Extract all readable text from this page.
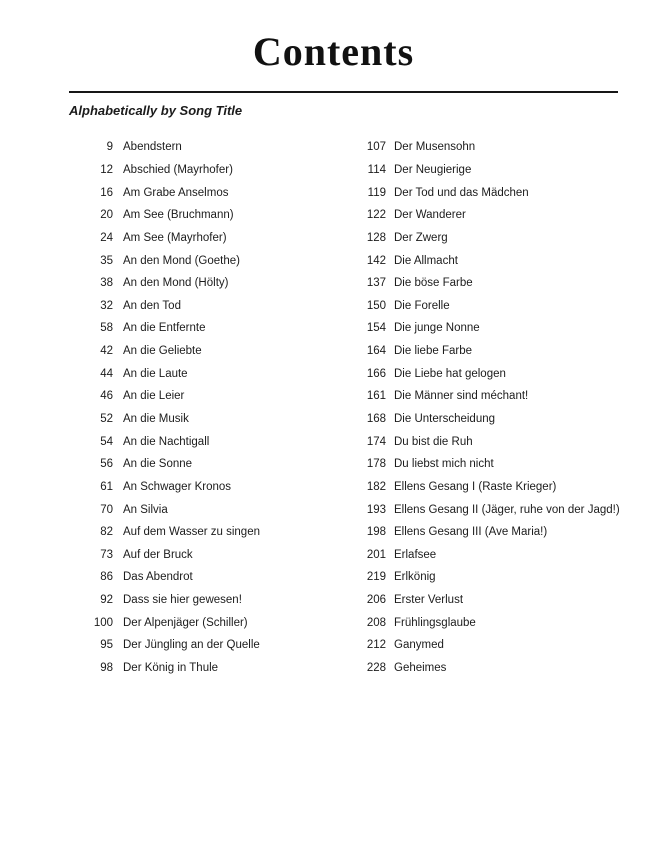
Contents
Alphabetically by Song Title
9 Abendstern
12 Abschied (Mayrhofer)
16 Am Grabe Anselmos
20 Am See (Bruchmann)
24 Am See (Mayrhofer)
35 An den Mond (Goethe)
38 An den Mond (Hölty)
32 An den Tod
58 An die Entfernte
42 An die Geliebte
44 An die Laute
46 An die Leier
52 An die Musik
54 An die Nachtigall
56 An die Sonne
61 An Schwager Kronos
70 An Silvia
82 Auf dem Wasser zu singen
73 Auf der Bruck
86 Das Abendrot
92 Dass sie hier gewesen!
100 Der Alpenjäger (Schiller)
95 Der Jüngling an der Quelle
98 Der König in Thule
107 Der Musensohn
114 Der Neugierige
119 Der Tod und das Mädchen
122 Der Wanderer
128 Der Zwerg
142 Die Allmacht
137 Die böse Farbe
150 Die Forelle
154 Die junge Nonne
164 Die liebe Farbe
166 Die Liebe hat gelogen
161 Die Männer sind méchant!
168 Die Unterscheidung
174 Du bist die Ruh
178 Du liebst mich nicht
182 Ellens Gesang I (Raste Krieger)
193 Ellens Gesang II (Jäger, ruhe von der Jagd!)
198 Ellens Gesang III (Ave Maria!)
201 Erlafsee
219 Erlkönig
206 Erster Verlust
208 Frühlingsglaube
212 Ganymed
228 Geheimes
